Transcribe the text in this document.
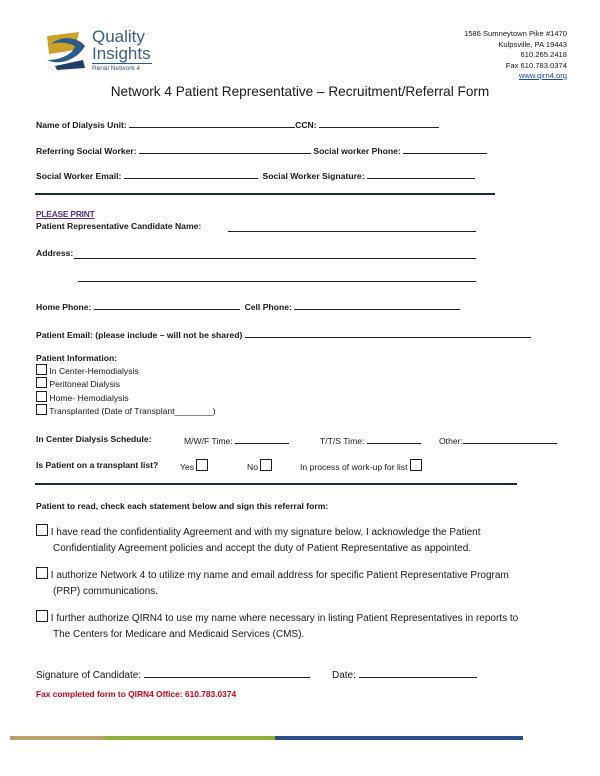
Quality
Insights
Renal Network 4
1586 Sumneytown Pike #1470
Kulpsville, PA 19443
610.265.2418
Fax 610.783.0374
www.qirn4.org
Network 4 Patient Representative – Recruitment/Referral Form
Name of Dialysis Unit:	CCN:
Referring Social Worker:	Social worker Phone:
Social Worker Email:	Social Worker Signature:
PLEASE PRINT
Patient Representative Candidate Name:
Address:
Home Phone:	Cell Phone:
Patient Email: (please include – will not be shared)
Patient Information:
In Center-Hemodialysis
Peritoneal Dialysis
Home- Hemodialysis
Transplanted (Date of Transplant________)
In Center Dialysis Schedule:	M/W/F Time:	T/T/S Time:	Other:
Is Patient on a transplant list?	Yes	No	In process of work-up for list
Patient to read, check each statement below and sign this referral form:
I have read the confidentiality Agreement and with my signature below, I acknowledge the Patient
Confidentiality Agreement policies and accept the duty of Patient Representative as appointed.
I authorize Network 4 to utilize my name and email address for specific Patient Representative Program
(PRP) communications.
I further authorize QIRN4 to use my name where necessary in listing Patient Representatives in reports to
The Centers for Medicare and Medicaid Services (CMS).
Signature of Candidate:	Date:
Fax completed form to QIRN4 Office: 610.783.0374
